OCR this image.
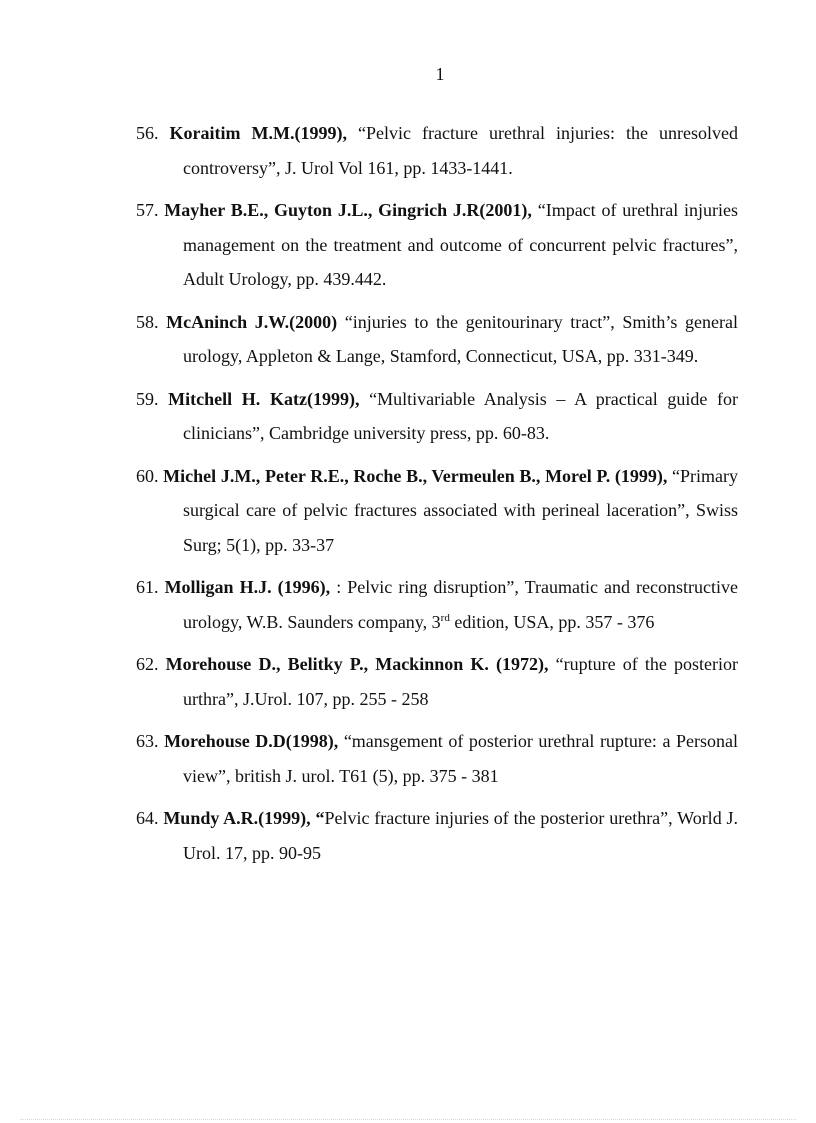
1
56. Koraitim M.M.(1999), “Pelvic fracture urethral injuries: the unresolved controversy”, J. Urol Vol 161, pp. 1433-1441.
57. Mayher B.E., Guyton J.L., Gingrich J.R(2001), “Impact of urethral injuries management on the treatment and outcome of concurrent pelvic fractures”, Adult Urology, pp. 439.442.
58. McAninch J.W.(2000) “injuries to the genitourinary tract”, Smith’s general urology, Appleton & Lange, Stamford, Connecticut, USA, pp. 331-349.
59. Mitchell H. Katz(1999), “Multivariable Analysis – A practical guide for clinicians”, Cambridge university press, pp. 60-83.
60. Michel J.M., Peter R.E., Roche B., Vermeulen B., Morel P. (1999), “Primary surgical care of pelvic fractures associated with perineal laceration”, Swiss Surg; 5(1), pp. 33-37
61. Molligan H.J. (1996), : Pelvic ring disruption”, Traumatic and reconstructive urology, W.B. Saunders company, 3rd edition, USA, pp. 357 - 376
62. Morehouse D., Belitky P., Mackinnon K. (1972), “rupture of the posterior urthra”, J.Urol. 107, pp. 255 - 258
63. Morehouse D.D(1998), “mansgement of posterior urethral rupture: a Personal view”, british J. urol. T61 (5), pp. 375 - 381
64. Mundy A.R.(1999), “Pelvic fracture injuries of the posterior urethra”, World J. Urol. 17, pp. 90-95
